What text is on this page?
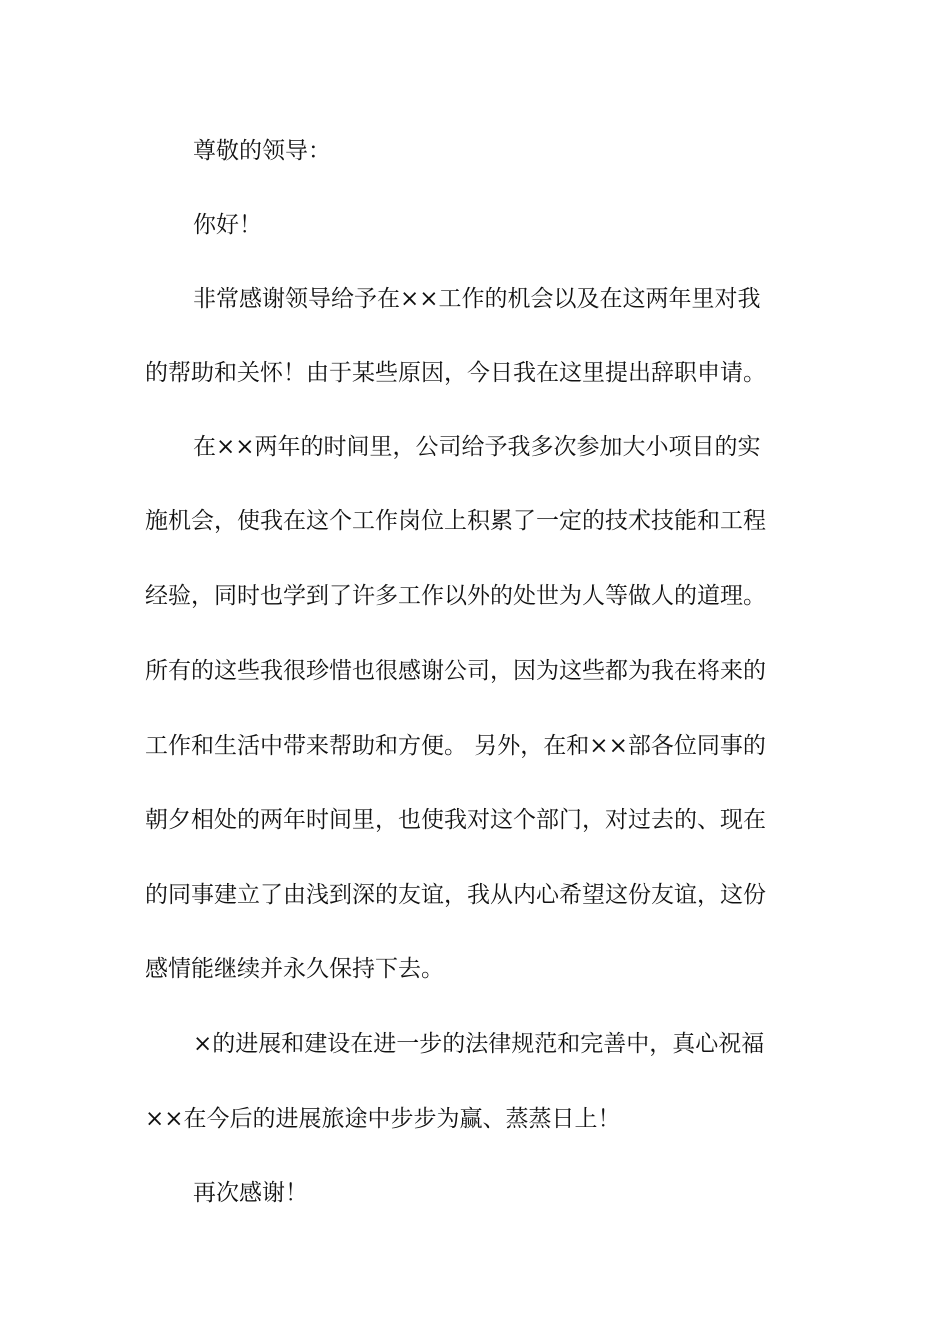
尊敬的领导：
你好！
非常感谢领导给予在××工作的机会以及在这两年里对我
的帮助和关怀！由于某些原因，今日我在这里提出辞职申请。
在××两年的时间里，公司给予我多次参加大小项目的实
施机会，使我在这个工作岗位上积累了一定的技术技能和工程
经验，同时也学到了许多工作以外的处世为人等做人的道理。
所有的这些我很珍惜也很感谢公司，因为这些都为我在将来的
工作和生活中带来帮助和方便。 另外，在和××部各位同事的
朝夕相处的两年时间里，也使我对这个部门，对过去的、现在
的同事建立了由浅到深的友谊，我从内心希望这份友谊，这份
感情能继续并永久保持下去。
×的进展和建设在进一步的法律规范和完善中，真心祝福
××在今后的进展旅途中步步为赢、蒸蒸日上！
再次感谢！
